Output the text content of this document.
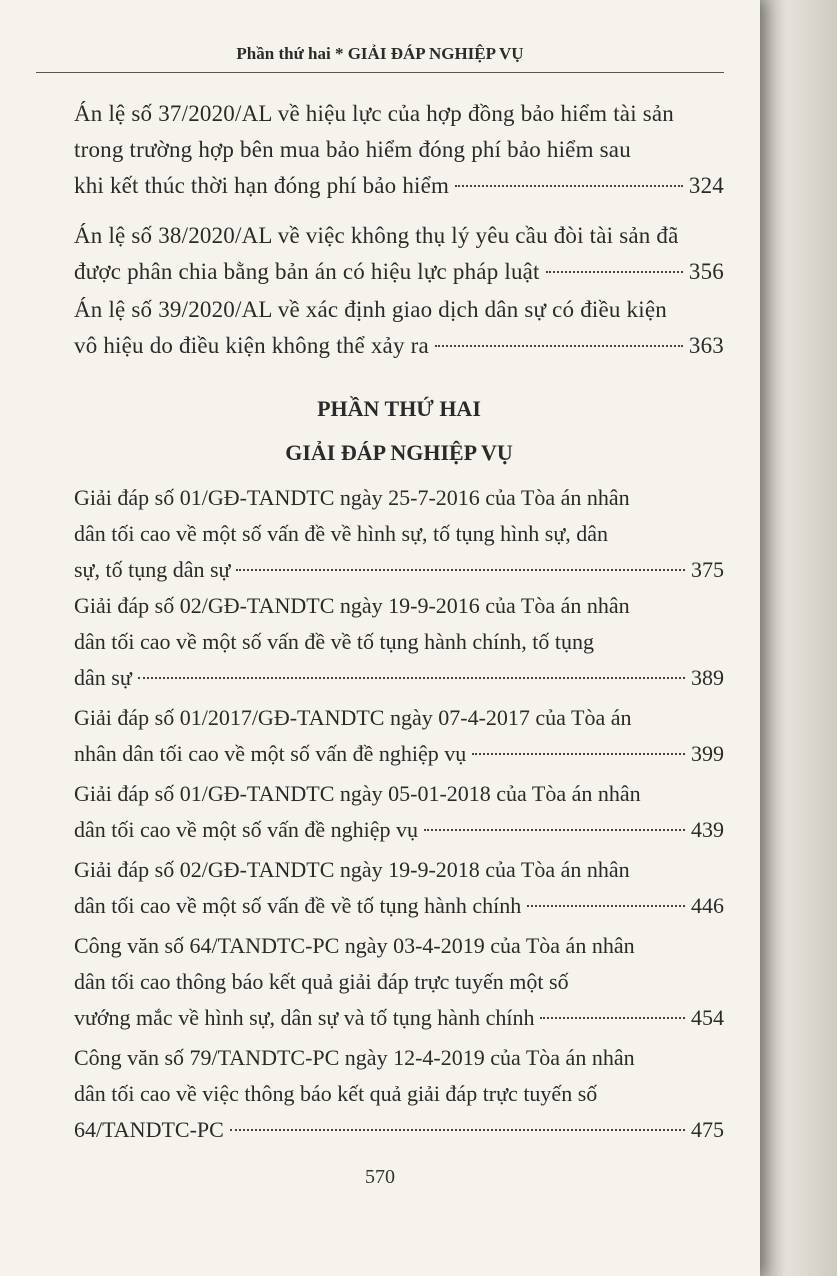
Phần thứ hai * GIẢI ĐÁP NGHIỆP VỤ
Án lệ số 37/2020/AL về hiệu lực của hợp đồng bảo hiểm tài sản
trong trường hợp bên mua bảo hiểm đóng phí bảo hiểm sau
khi kết thúc thời hạn đóng phí bảo hiểm	324
Án lệ số 38/2020/AL về việc không thụ lý yêu cầu đòi tài sản đã
được phân chia bằng bản án có hiệu lực pháp luật	356
Án lệ số 39/2020/AL về xác định giao dịch dân sự có điều kiện
vô hiệu do điều kiện không thể xảy ra	363
PHẦN THỨ HAI
GIẢI ĐÁP NGHIỆP VỤ
Giải đáp số 01/GĐ-TANDTC ngày 25-7-2016 của Tòa án nhân
dân tối cao về một số vấn đề về hình sự, tố tụng hình sự, dân
sự, tố tụng dân sự	375
Giải đáp số 02/GĐ-TANDTC ngày 19-9-2016 của Tòa án nhân
dân tối cao về một số vấn đề về tố tụng hành chính, tố tụng
dân sự	389
Giải đáp số 01/2017/GĐ-TANDTC ngày 07-4-2017 của Tòa án
nhân dân tối cao về một số vấn đề nghiệp vụ	399
Giải đáp số 01/GĐ-TANDTC ngày 05-01-2018 của Tòa án nhân
dân tối cao về một số vấn đề nghiệp vụ	439
Giải đáp số 02/GĐ-TANDTC ngày 19-9-2018 của Tòa án nhân
dân tối cao về một số vấn đề về tố tụng hành chính	446
Công văn số 64/TANDTC-PC ngày 03-4-2019 của Tòa án nhân
dân tối cao thông báo kết quả giải đáp trực tuyến một số
vướng mắc về hình sự, dân sự và tố tụng hành chính	454
Công văn số 79/TANDTC-PC ngày 12-4-2019 của Tòa án nhân
dân tối cao về việc thông báo kết quả giải đáp trực tuyến số
64/TANDTC-PC	475
570
